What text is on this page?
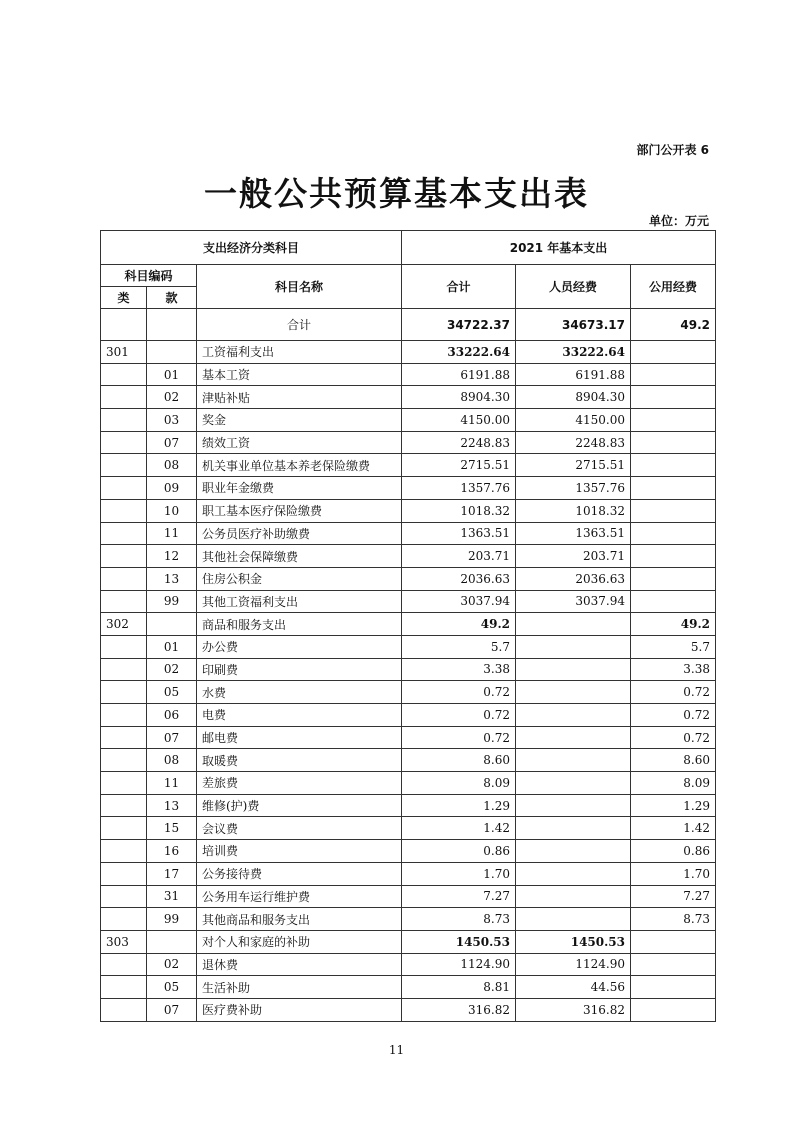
部门公开表 6
一般公共预算基本支出表
单位：万元
支出经济分类科目			2021 年基本支出		
科目编码		科目名称	合计	人员经费	公用经费
类	款				
		合计	34722.37	34673.17	49.2
301		工资福利支出	33222.64	33222.64	
	01	基本工资	6191.88	6191.88	
	02	津贴补贴	8904.30	8904.30	
	03	奖金	4150.00	4150.00	
	07	绩效工资	2248.83	2248.83	
	08	机关事业单位基本养老保险缴费	2715.51	2715.51	
	09	职业年金缴费	1357.76	1357.76	
	10	职工基本医疗保险缴费	1018.32	1018.32	
	11	公务员医疗补助缴费	1363.51	1363.51	
	12	其他社会保障缴费	203.71	203.71	
	13	住房公积金	2036.63	2036.63	
	99	其他工资福利支出	3037.94	3037.94	
302		商品和服务支出	49.2		49.2
	01	办公费	5.7		5.7
	02	印刷费	3.38		3.38
	05	水费	0.72		0.72
	06	电费	0.72		0.72
	07	邮电费	0.72		0.72
	08	取暖费	8.60		8.60
	11	差旅费	8.09		8.09
	13	维修(护)费	1.29		1.29
	15	会议费	1.42		1.42
	16	培训费	0.86		0.86
	17	公务接待费	1.70		1.70
	31	公务用车运行维护费	7.27		7.27
	99	其他商品和服务支出	8.73		8.73
303		对个人和家庭的补助	1450.53	1450.53	
	02	退休费	1124.90	1124.90	
	05	生活补助	8.81	44.56	
	07	医疗费补助	316.82	316.82	
11
